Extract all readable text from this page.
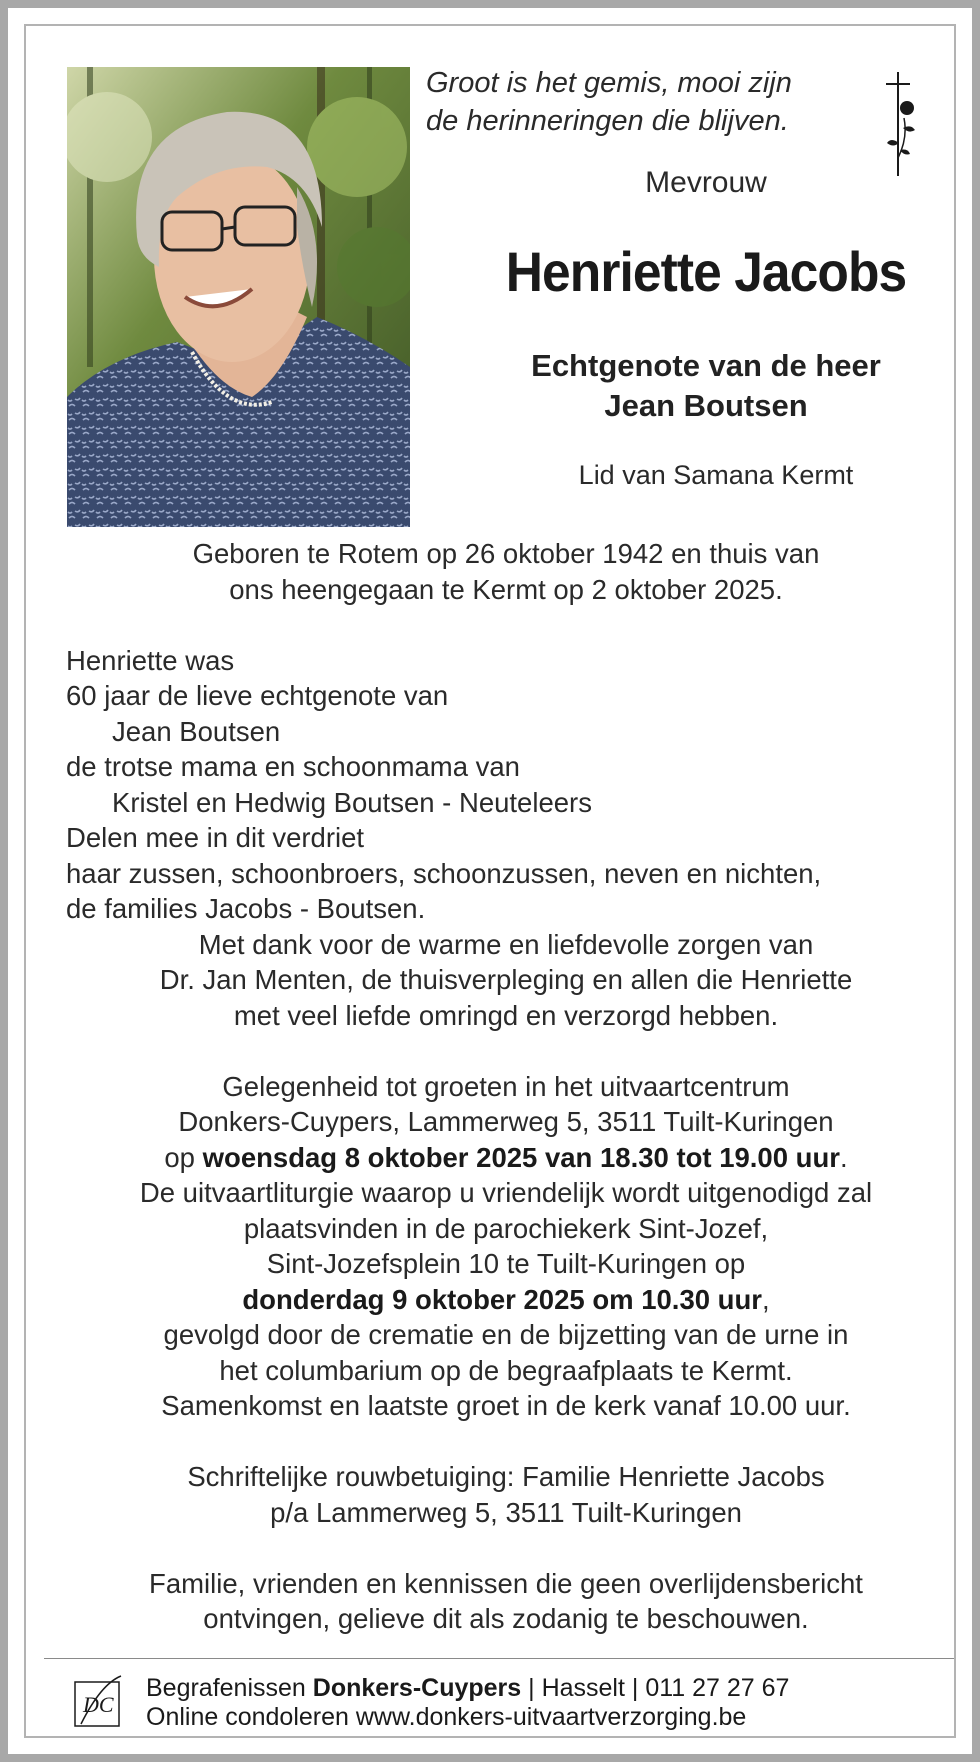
Groot is het gemis, mooi zijn
de herinneringen die blijven.
Mevrouw
Henriette Jacobs
Echtgenote van de heer
Jean Boutsen
Lid van Samana Kermt
Geboren te Rotem op 26 oktober 1942 en thuis van
ons heengegaan te Kermt op 2 oktober 2025.
Henriette was
60 jaar de lieve echtgenote van
Jean Boutsen
de trotse mama en schoonmama van
Kristel en Hedwig Boutsen - Neuteleers
Delen mee in dit verdriet
haar zussen, schoonbroers, schoonzussen, neven en nichten,
de families Jacobs - Boutsen.
Met dank voor de warme en liefdevolle zorgen van
Dr. Jan Menten, de thuisverpleging en allen die Henriette
met veel liefde omringd en verzorgd hebben.
Gelegenheid tot groeten in het uitvaartcentrum
Donkers-Cuypers, Lammerweg 5, 3511 Tuilt-Kuringen
op woensdag 8 oktober 2025 van 18.30 tot 19.00 uur.
De uitvaartliturgie waarop u vriendelijk wordt uitgenodigd zal
plaatsvinden in de parochiekerk Sint-Jozef,
Sint-Jozefsplein 10 te Tuilt-Kuringen op
donderdag 9 oktober 2025 om 10.30 uur,
gevolgd door de crematie en de bijzetting van de urne in
het columbarium op de begraafplaats te Kermt.
Samenkomst en laatste groet in de kerk vanaf 10.00 uur.
Schriftelijke rouwbetuiging: Familie Henriette Jacobs
p/a Lammerweg 5, 3511 Tuilt-Kuringen
Familie, vrienden en kennissen die geen overlijdensbericht
ontvingen, gelieve dit als zodanig te beschouwen.
DC
Begrafenissen Donkers-Cuypers | Hasselt | 011 27 27 67
Online condoleren www.donkers-uitvaartverzorging.be
